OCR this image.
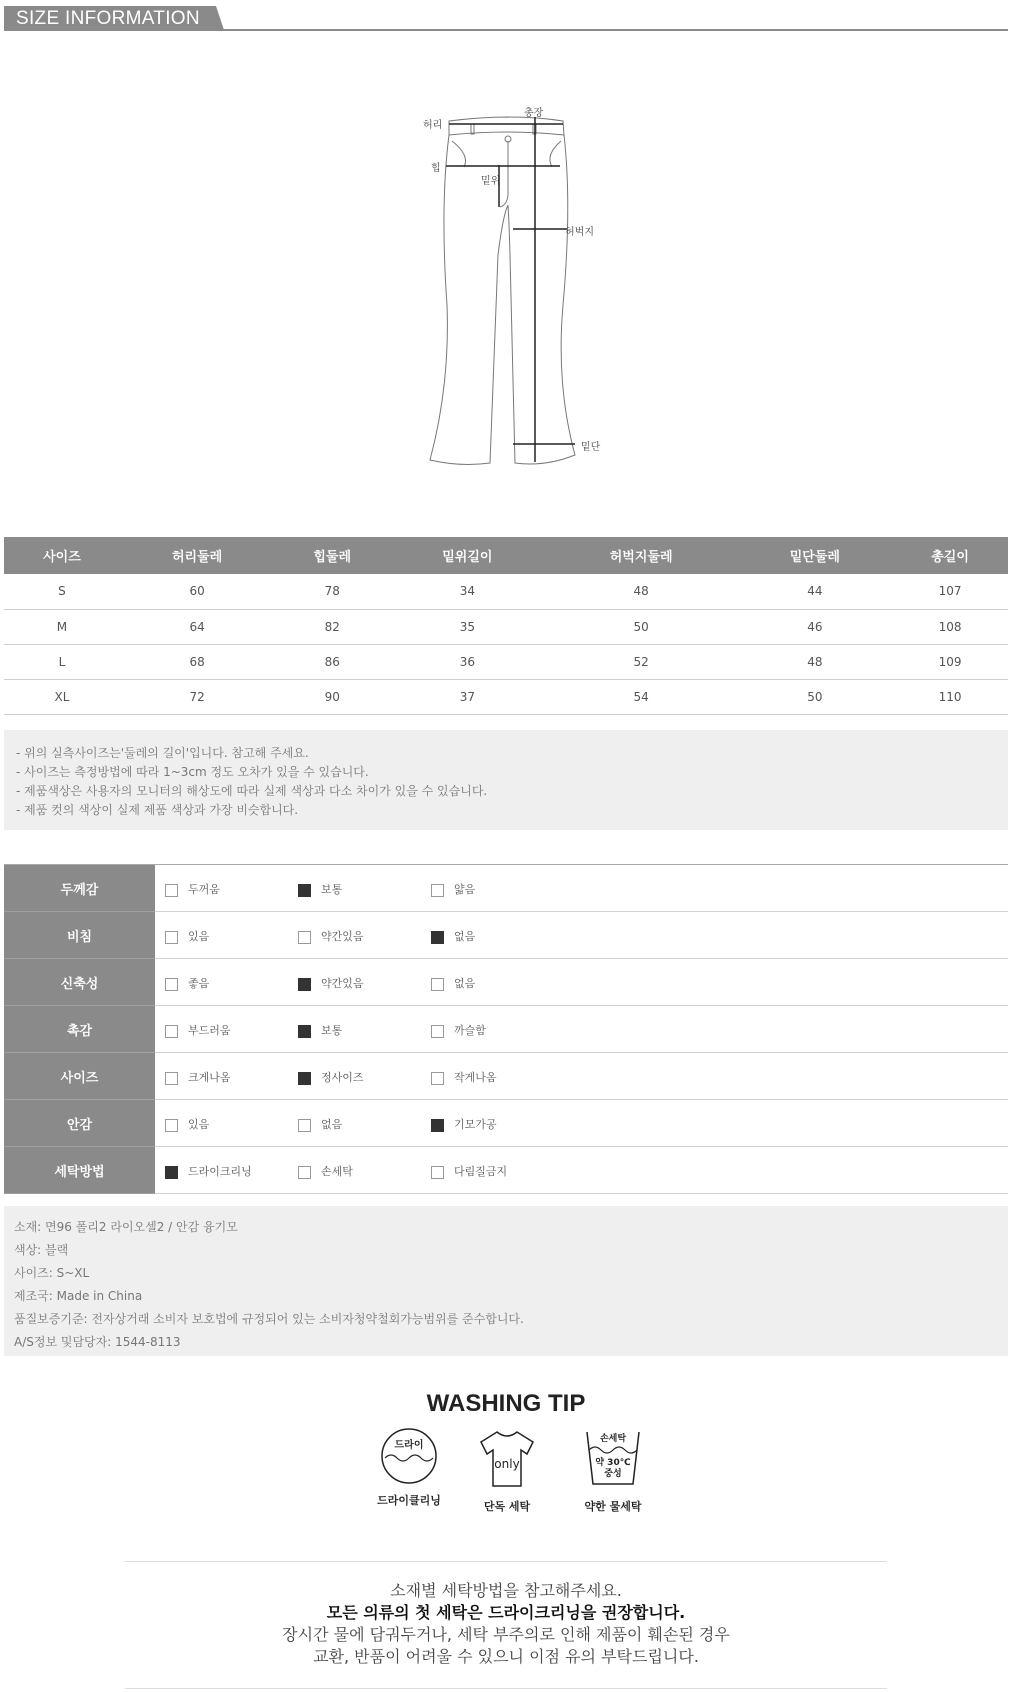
SIZE INFORMATION
허리
총장
힙
밑위
허벅지
밑단
사이즈	허리둘레	힙둘레	밑위길이	허벅지둘레	밑단둘레	총길이
S	60	78	34	48	44	107
M	64	82	35	50	46	108
L	68	86	36	52	48	109
XL	72	90	37	54	50	110
- 위의 실측사이즈는'둘레의 길이'입니다. 참고해 주세요.
- 사이즈는 측정방법에 따라 1~3cm 정도 오차가 있을 수 있습니다.
- 제품색상은 사용자의 모니터의 해상도에 따라 실제 색상과 다소 차이가 있을 수 있습니다.
- 제품 컷의 색상이 실제 제품 색상과 가장 비슷합니다.
두께감	두꺼움 보통 얇음
비침	있음 약간있음 없음
신축성	좋음 약간있음 없음
촉감	부드러움 보통 까슬함
사이즈	크게나옴 정사이즈 작게나옴
안감	있음 없음 기모가공
세탁방법	드라이크리닝 손세탁 다림질금지
소재: 면96 폴리2 라이오셀2 / 안감 융기모
색상: 블랙
사이즈: S~XL
제조국: Made in China
품질보증기준: 전자상거래 소비자 보호법에 규정되어 있는 소비자청약철회가능범위를 준수합니다.
A/S정보 및담당자: 1544-8113
WASHING TIP
드라이
드라이클리닝
only
단독 세탁
손세탁
약 30℃
중성
약한 물세탁
소재별 세탁방법을 참고해주세요.
모든 의류의 첫 세탁은 드라이크리닝을 권장합니다.
장시간 물에 담궈두거나, 세탁 부주의로 인해 제품이 훼손된 경우
교환, 반품이 어려울 수 있으니 이점 유의 부탁드립니다.
